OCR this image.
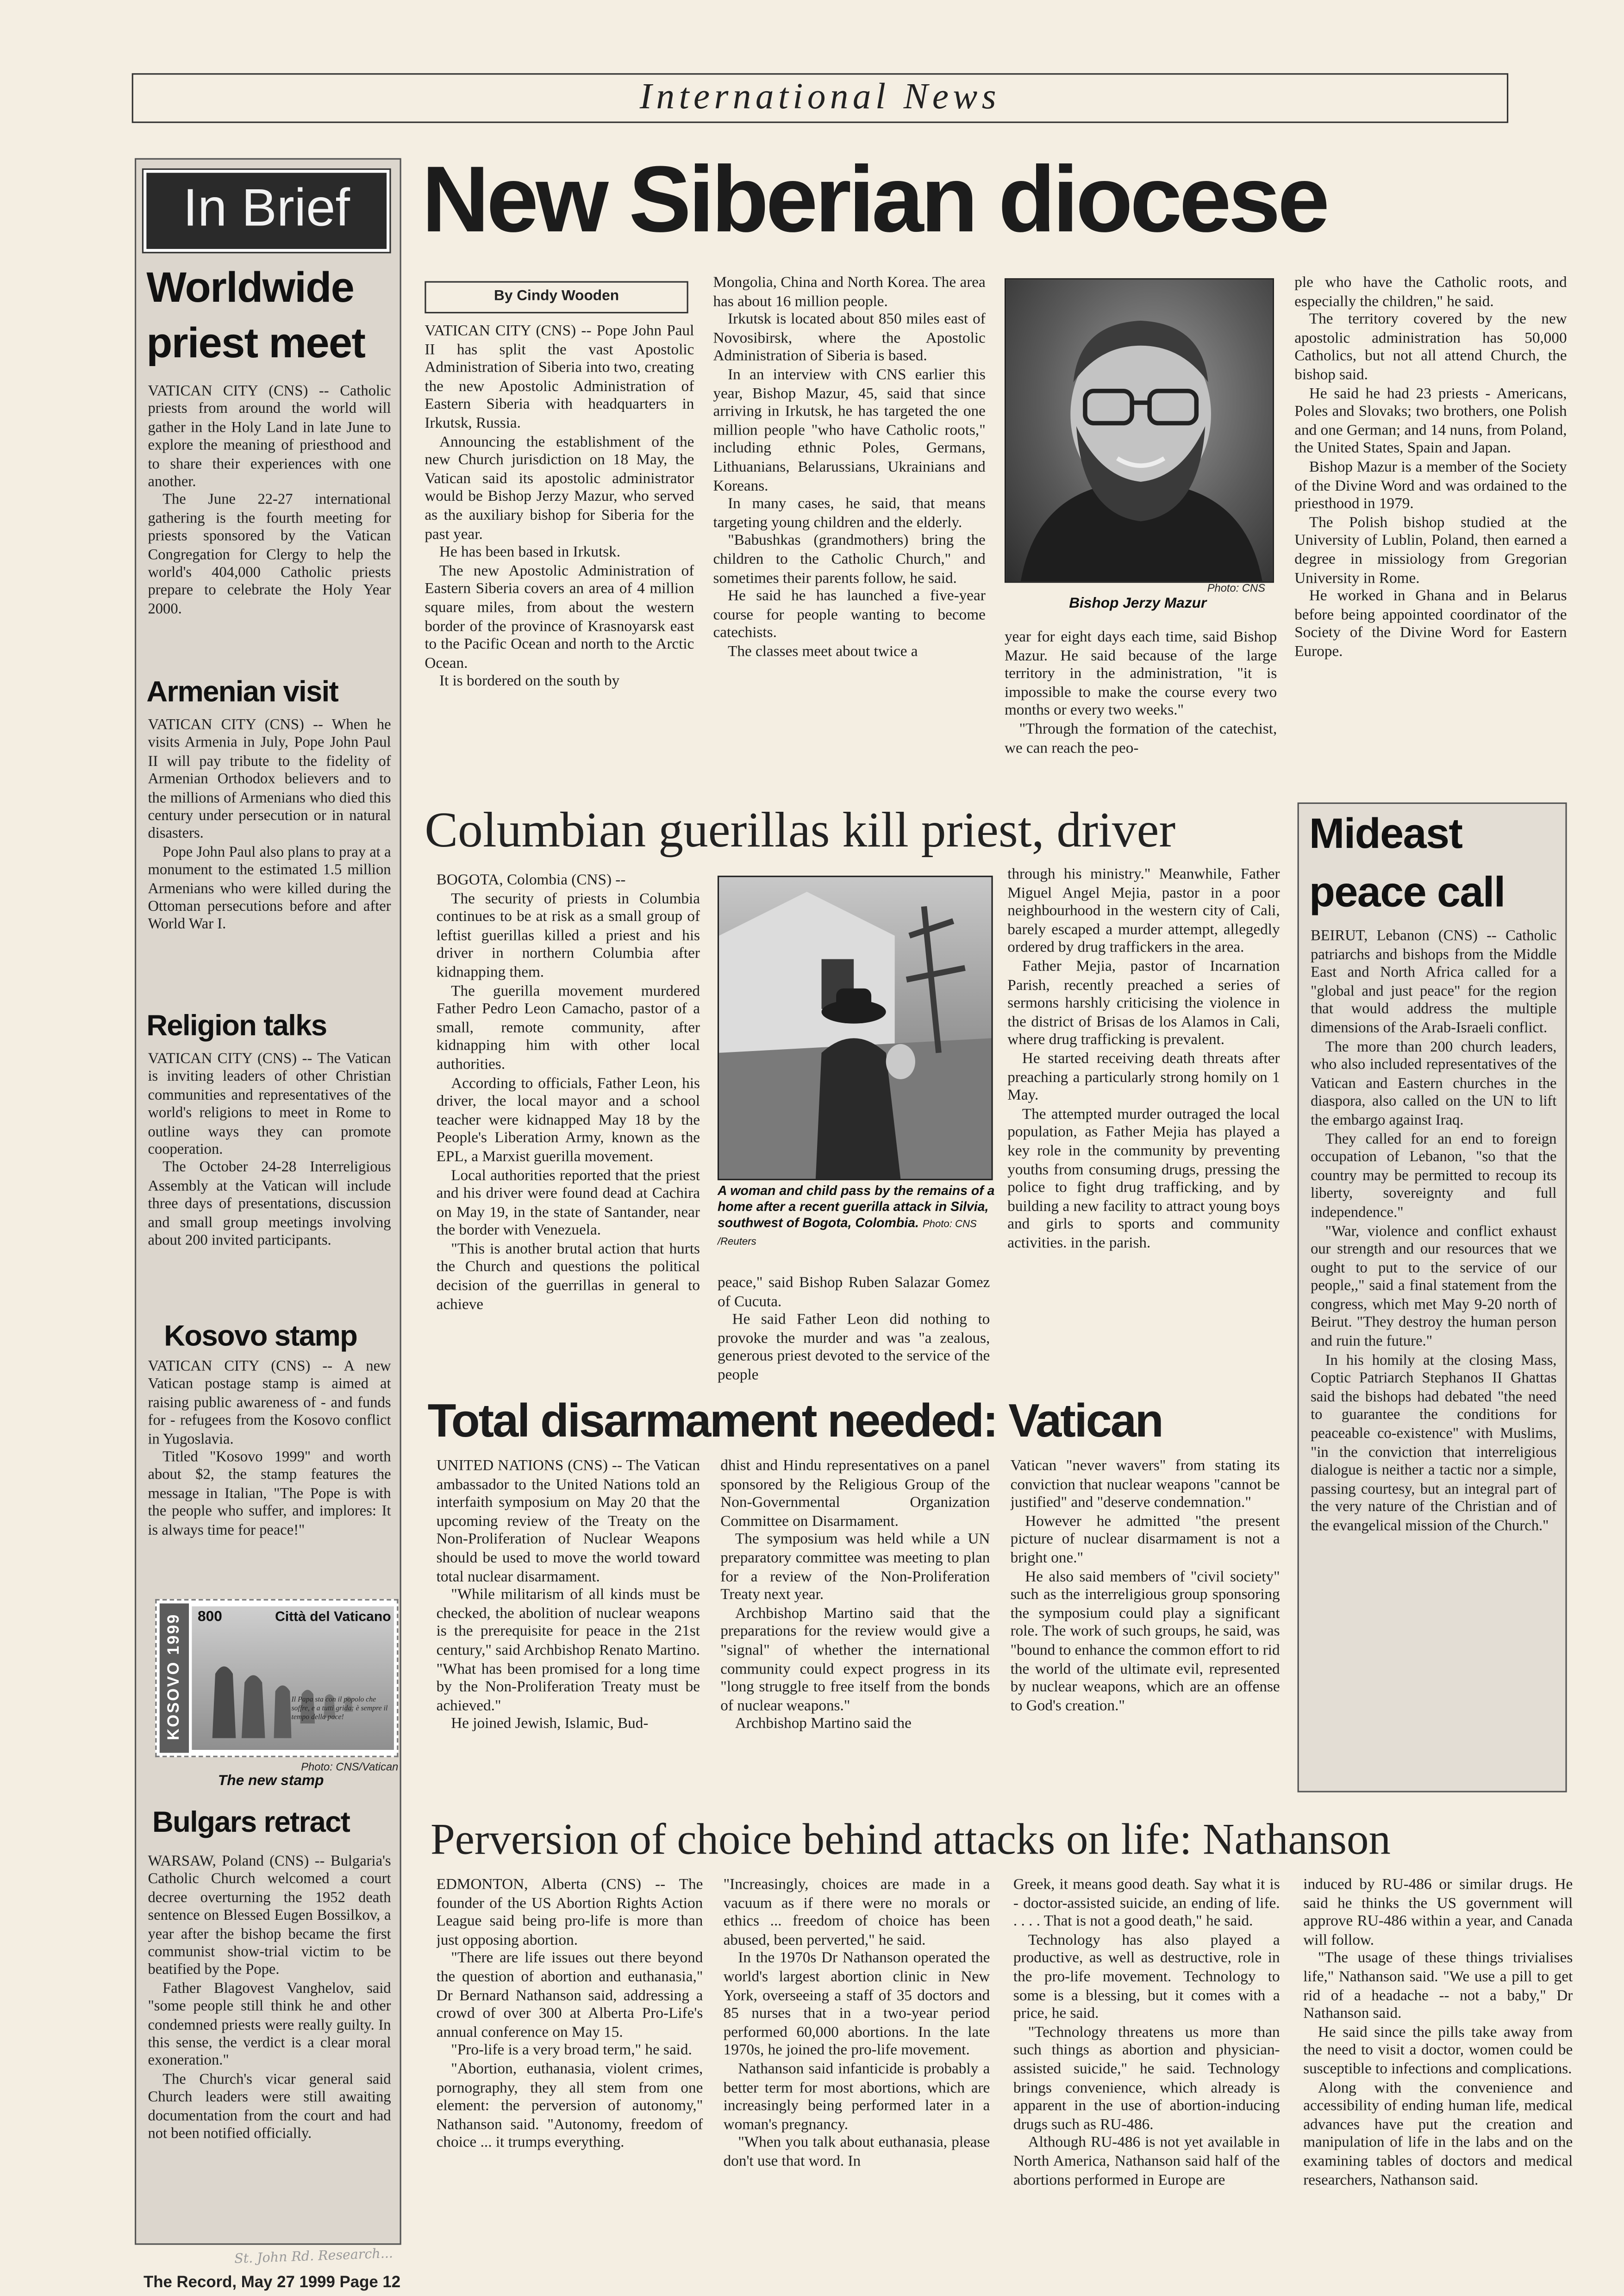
International News
In Brief
Worldwide priest meet

VATICAN CITY (CNS) -- Catholic priests from around the world will gather in the Holy Land in late June to explore the meaning of priesthood and to share their experiences with one another.

The June 22-27 international gathering is the fourth meeting for priests sponsored by the Vatican Congregation for Clergy to help the world's 404,000 Catholic priests prepare to celebrate the Holy Year 2000.

Armenian visit

VATICAN CITY (CNS) -- When he visits Armenia in July, Pope John Paul II will pay tribute to the fidelity of Armenian Orthodox believers and to the millions of Armenians who died this century under persecution or in natural disasters.

Pope John Paul also plans to pray at a monument to the estimated 1.5 million Armenians who were killed during the Ottoman persecutions before and after World War I.

Religion talks

VATICAN CITY (CNS) -- The Vatican is inviting leaders of other Christian communities and representatives of the world's religions to meet in Rome to outline ways they can promote cooperation.

The October 24-28 Interreligious Assembly at the Vatican will include three days of presentations, discussion and small group meetings involving about 200 invited participants.

Kosovo stamp

VATICAN CITY (CNS) -- A new Vatican postage stamp is aimed at raising public awareness of - and funds for - refugees from the Kosovo conflict in Yugoslavia.

Titled "Kosovo 1999" and worth about $2, the stamp features the message in Italian, "The Pope is with the people who suffer, and implores: It is always time for peace!"

KOSOVO 1999	800	Città del Vaticano
Il Papa sta con il popolo che soffre, e a tutti grida: è sempre il tempo della pace!
Photo: CNS/Vatican
The new stamp
Bulgars retract

WARSAW, Poland (CNS) -- Bulgaria's Catholic Church welcomed a court decree overturning the 1952 death sentence on Blessed Eugen Bossilkov, a year after the bishop became the first communist show-trial victim to be beatified by the Pope.

Father Blagovest Vanghelov, said "some people still think he and other condemned priests were really guilty. In this sense, the verdict is a clear moral exoneration."

The Church's vicar general said Church leaders were still awaiting documentation from the court and had not been notified officially.

New Siberian diocese
By Cindy Wooden

VATICAN CITY (CNS) -- Pope John Paul II has split the vast Apostolic Administration of Siberia into two, creating the new Apostolic Administration of Eastern Siberia with headquarters in Irkutsk, Russia.

Announcing the establishment of the new Church jurisdiction on 18 May, the Vatican said its apostolic administrator would be Bishop Jerzy Mazur, who served as the auxiliary bishop for Siberia for the past year.

He has been based in Irkutsk.

The new Apostolic Administration of Eastern Siberia covers an area of 4 million square miles, from about the western border of the province of Krasnoyarsk east to the Pacific Ocean and north to the Arctic Ocean.

It is bordered on the south by

Mongolia, China and North Korea. The area has about 16 million people.

Irkutsk is located about 850 miles east of Novosibirsk, where the Apostolic Administration of Siberia is based.

In an interview with CNS earlier this year, Bishop Mazur, 45, said that since arriving in Irkutsk, he has targeted the one million people "who have Catholic roots," including ethnic Poles, Germans, Lithuanians, Belarussians, Ukrainians and Koreans.

In many cases, he said, that means targeting young children and the elderly.

"Babushkas (grandmothers) bring the children to the Catholic Church," and sometimes their parents follow, he said.

He said he has launched a five-year course for people wanting to become catechists.

The classes meet about twice a

Photo: CNS
Bishop Jerzy Mazur

year for eight days each time, said Bishop Mazur. He said because of the large territory in the administration, "it is impossible to make the course every two months or every two weeks."

"Through the formation of the catechist, we can reach the peo-

ple who have the Catholic roots, and especially the children," he said.

The territory covered by the new apostolic administration has 50,000 Catholics, but not all attend Church, the bishop said.

He said he had 23 priests - Americans, Poles and Slovaks; two brothers, one Polish and one German; and 14 nuns, from Poland, the United States, Spain and Japan.

Bishop Mazur is a member of the Society of the Divine Word and was ordained to the priesthood in 1979.

The Polish bishop studied at the University of Lublin, Poland, then earned a degree in missiology from Gregorian University in Rome.

He worked in Ghana and in Belarus before being appointed coordinator of the Society of the Divine Word for Eastern Europe.

Columbian guerillas kill priest, driver

BOGOTA, Colombia (CNS) --

The security of priests in Columbia continues to be at risk as a small group of leftist guerillas killed a priest and his driver in northern Columbia after kidnapping them.

The guerilla movement murdered Father Pedro Leon Camacho, pastor of a small, remote community, after kidnapping him with other local authorities.

According to officials, Father Leon, his driver, the local mayor and a school teacher were kidnapped May 18 by the People's Liberation Army, known as the EPL, a Marxist guerilla movement.

Local authorities reported that the priest and his driver were found dead at Cachira on May 19, in the state of Santander, near the border with Venezuela.

"This is another brutal action that hurts the Church and questions the political decision of the guerrillas in general to achieve

A woman and child pass by the remains of a home after a recent guerilla attack in Silvia, southwest of Bogota, Colombia. Photo: CNS /Reuters

peace," said Bishop Ruben Salazar Gomez of Cucuta.

He said Father Leon did nothing to provoke the murder and was "a zealous, generous priest devoted to the service of the people

through his ministry." Meanwhile, Father Miguel Angel Mejia, pastor in a poor neighbourhood in the western city of Cali, barely escaped a murder attempt, allegedly ordered by drug traffickers in the area.

Father Mejia, pastor of Incarnation Parish, recently preached a series of sermons harshly criticising the violence in the district of Brisas de los Alamos in Cali, where drug trafficking is prevalent.

He started receiving death threats after preaching a particularly strong homily on 1 May.

The attempted murder outraged the local population, as Father Mejia has played a key role in the community by preventing youths from consuming drugs, pressing the police to fight drug trafficking, and by building a new facility to attract young boys and girls to sports and community activities. in the parish.

Mideast peace call

BEIRUT, Lebanon (CNS) -- Catholic patriarchs and bishops from the Middle East and North Africa called for a "global and just peace" for the region that would address the multiple dimensions of the Arab-Israeli conflict.

The more than 200 church leaders, who also included representatives of the Vatican and Eastern churches in the diaspora, also called on the UN to lift the embargo against Iraq.

They called for an end to foreign occupation of Lebanon, "so that the country may be permitted to recoup its liberty, sovereignty and full independence."

"War, violence and conflict exhaust our strength and our resources that we ought to put to the service of our people,," said a final statement from the congress, which met May 9-20 north of Beirut. "They destroy the human person and ruin the future."

In his homily at the closing Mass, Coptic Patriarch Stephanos II Ghattas said the bishops had debated "the need to guarantee the conditions for peaceable co-existence" with Muslims, "in the conviction that interreligious dialogue is neither a tactic nor a simple, passing courtesy, but an integral part of the very nature of the Christian and of the evangelical mission of the Church."

Total disarmament needed: Vatican

UNITED NATIONS (CNS) -- The Vatican ambassador to the United Nations told an interfaith symposium on May 20 that the upcoming review of the Treaty on the Non-Proliferation of Nuclear Weapons should be used to move the world toward total nuclear disarmament.

"While militarism of all kinds must be checked, the abolition of nuclear weapons is the prerequisite for peace in the 21st century," said Archbishop Renato Martino. "What has been promised for a long time by the Non-Proliferation Treaty must be achieved."

He joined Jewish, Islamic, Bud-

dhist and Hindu representatives on a panel sponsored by the Religious Group of the Non-Governmental Organization Committee on Disarmament.

The symposium was held while a UN preparatory committee was meeting to plan for a review of the Non-Proliferation Treaty next year.

Archbishop Martino said that the preparations for the review would give a "signal" of whether the international community could expect progress in its "long struggle to free itself from the bonds of nuclear weapons."

Archbishop Martino said the

Vatican "never wavers" from stating its conviction that nuclear weapons "cannot be justified" and "deserve condemnation."

However he admitted "the present picture of nuclear disarmament is not a bright one."

He also said members of "civil society" such as the interreligious group sponsoring the symposium could play a significant role. The work of such groups, he said, was "bound to enhance the common effort to rid the world of the ultimate evil, represented by nuclear weapons, which are an offense to God's creation."

Perversion of choice behind attacks on life: Nathanson

EDMONTON, Alberta (CNS) -- The founder of the US Abortion Rights Action League said being pro-life is more than just opposing abortion.

"There are life issues out there beyond the question of abortion and euthanasia," Dr Bernard Nathanson said, addressing a crowd of over 300 at Alberta Pro-Life's annual conference on May 15.

"Pro-life is a very broad term," he said.

"Abortion, euthanasia, violent crimes, pornography, they all stem from one element: the perversion of autonomy," Nathanson said. "Autonomy, freedom of choice ... it trumps everything.

"Increasingly, choices are made in a vacuum as if there were no morals or ethics ... freedom of choice has been abused, been perverted," he said.

In the 1970s Dr Nathanson operated the world's largest abortion clinic in New York, overseeing a staff of 35 doctors and 85 nurses that in a two-year period performed 60,000 abortions. In the late 1970s, he joined the pro-life movement.

Nathanson said infanticide is probably a better term for most abortions, which are increasingly being performed later in a woman's pregnancy.

"When you talk about euthanasia, please don't use that word. In

Greek, it means good death. Say what it is - doctor-assisted suicide, an ending of life. . . . . That is not a good death," he said.

Technology has also played a productive, as well as destructive, role in the pro-life movement. Technology to some is a blessing, but it comes with a price, he said.

"Technology threatens us more than such things as abortion and physician-assisted suicide," he said. Technology brings convenience, which already is apparent in the use of abortion-inducing drugs such as RU-486.

Although RU-486 is not yet available in North America, Nathanson said half of the abortions performed in Europe are

induced by RU-486 or similar drugs. He said he thinks the US government will approve RU-486 within a year, and Canada will follow.

"The usage of these things trivialises life," Nathanson said. "We use a pill to get rid of a headache -- not a baby," Dr Nathanson said.

He said since the pills take away from the need to visit a doctor, women could be susceptible to infections and complications.

Along with the convenience and accessibility of ending human life, medical advances have put the creation and manipulation of life in the labs and on the examining tables of doctors and medical researchers, Nathanson said.

St. John Rd. Research...
The Record, May 27 1999 Page 12
